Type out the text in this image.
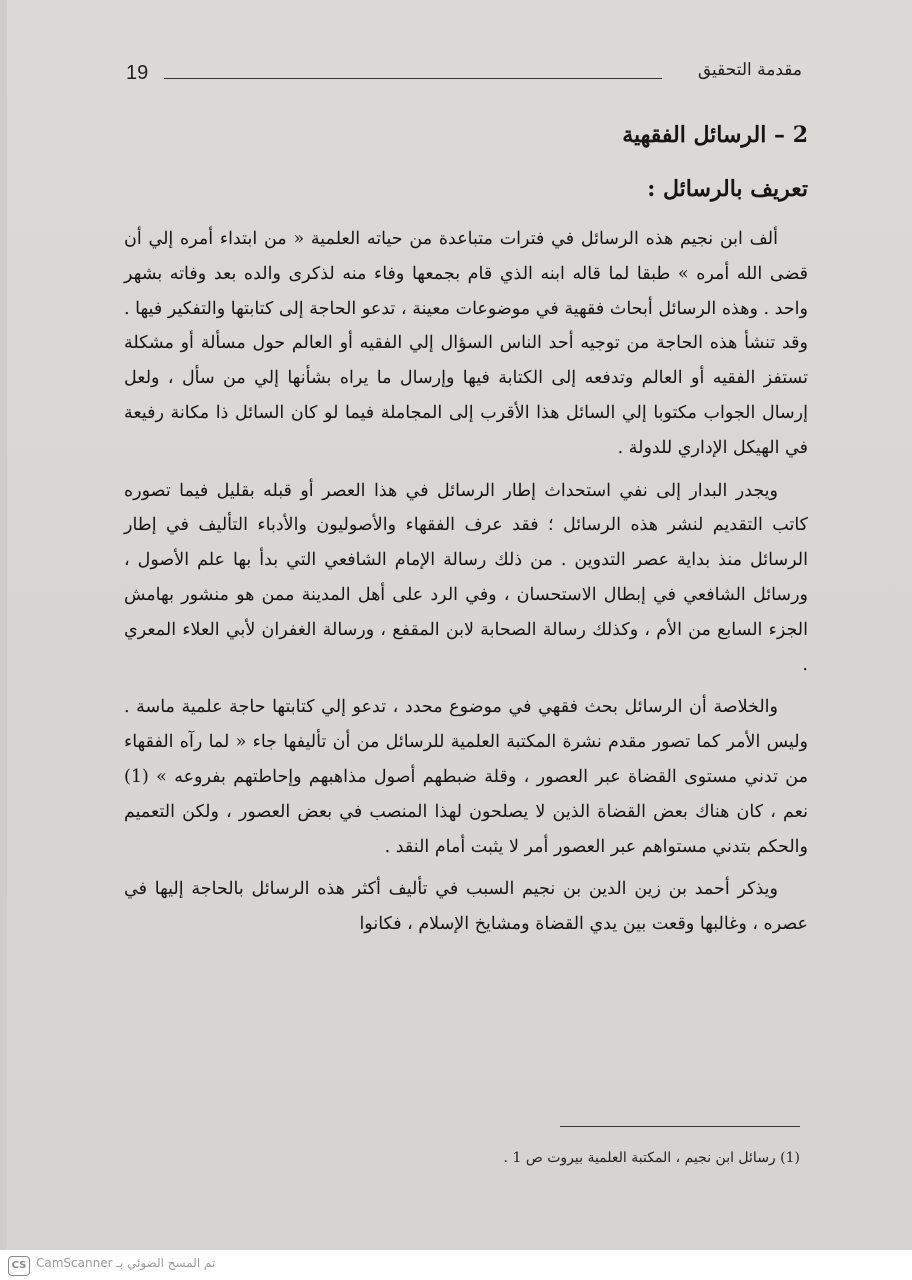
19	مقدمة التحقيق
2 – الرسائل الفقهية
تعريف بالرسائل :

ألف ابن نجيم هذه الرسائل في فترات متباعدة من حياته العلمية « من ابتداء أمره إلي أن قضى الله أمره » طبقا لما قاله ابنه الذي قام بجمعها وفاء منه لذكرى والده بعد وفاته بشهر واحد . وهذه الرسائل أبحاث فقهية في موضوعات معينة ، تدعو الحاجة إلى كتابتها والتفكير فيها . وقد تنشأ هذه الحاجة من توجيه أحد الناس السؤال إلي الفقيه أو العالم حول مسألة أو مشكلة تستفز الفقيه أو العالم وتدفعه إلى الكتابة فيها وإرسال ما يراه بشأنها إلي من سأل ، ولعل إرسال الجواب مكتوبا إلي السائل هذا الأقرب إلى المجاملة فيما لو كان السائل ذا مكانة رفيعة في الهيكل الإداري للدولة .

ويجدر البدار إلى نفي استحداث إطار الرسائل في هذا العصر أو قبله بقليل فيما تصوره كاتب التقديم لنشر هذه الرسائل ؛ فقد عرف الفقهاء والأصوليون والأدباء التأليف في إطار الرسائل منذ بداية عصر التدوين . من ذلك رسالة الإمام الشافعي التي بدأ بها علم الأصول ، ورسائل الشافعي في إبطال الاستحسان ، وفي الرد على أهل المدينة ممن هو منشور بهامش الجزء السابع من الأم ، وكذلك رسالة الصحابة لابن المقفع ، ورسالة الغفران لأبي العلاء المعري .

والخلاصة أن الرسائل بحث فقهي في موضوع محدد ، تدعو إلي كتابتها حاجة علمية ماسة . وليس الأمر كما تصور مقدم نشرة المكتبة العلمية للرسائل من أن تأليفها جاء « لما رآه الفقهاء من تدني مستوى القضاة عبر العصور ، وقلة ضبطهم أصول مذاهبهم وإحاطتهم بفروعه » (1) نعم ، كان هناك بعض القضاة الذين لا يصلحون لهذا المنصب في بعض العصور ، ولكن التعميم والحكم بتدني مستواهم عبر العصور أمر لا يثبت أمام النقد .

ويذكر أحمد بن زين الدين بن نجيم السبب في تأليف أكثر هذه الرسائل بالحاجة إليها في عصره ، وغالبها وقعت بين يدي القضاة ومشايخ الإسلام ، فكانوا

(1) رسائل ابن نجيم ، المكتبة العلمية بيروت ص 1 .
CS تم المسح الضوئي بـ CamScanner
